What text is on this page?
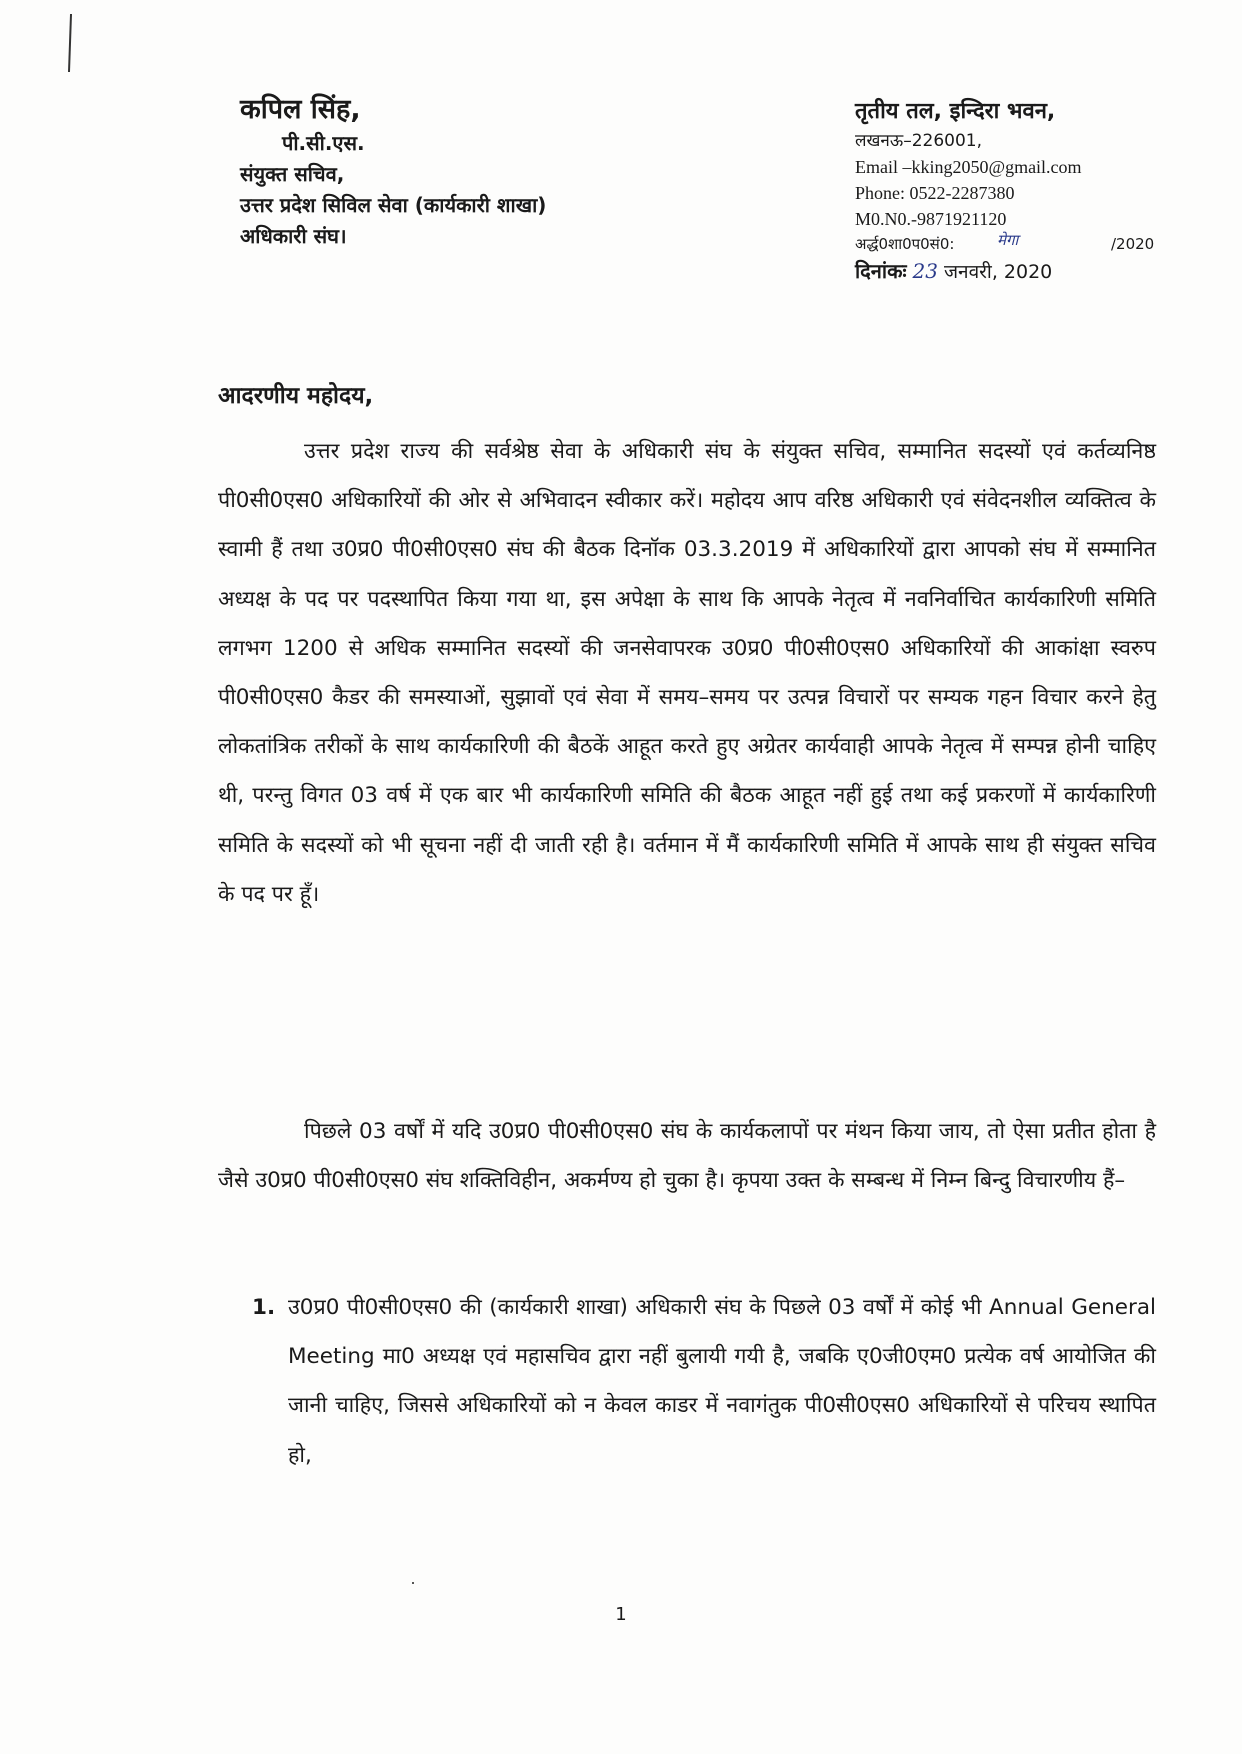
कपिल सिंह,

पी.सी.एस.

संयुक्त सचिव,

उत्तर प्रदेश सिविल सेवा (कार्यकारी शाखा)

अधिकारी संघ।

तृतीय तल, इन्दिरा भवन,

लखनऊ–226001,

Email –kking2050@gmail.com

Phone: 0522-2287380

M0.N0.-9871921120

अर्द्ध0शा0प0सं0:	मेगा	/2020

दिनांकः 23 जनवरी, 2020

आदरणीय महोदय,

उत्तर प्रदेश राज्य की सर्वश्रेष्ठ सेवा के अधिकारी संघ के संयुक्त सचिव, सम्मानित सदस्यों एवं कर्तव्यनिष्ठ पी0सी0एस0 अधिकारियों की ओर से अभिवादन स्वीकार करें। महोदय आप वरिष्ठ अधिकारी एवं संवेदनशील व्यक्तित्व के स्वामी हैं तथा उ0प्र0 पी0सी0एस0 संघ की बैठक दिनॉक 03.3.2019 में अधिकारियों द्वारा आपको संघ में सम्मानित अध्यक्ष के पद पर पदस्थापित किया गया था, इस अपेक्षा के साथ कि आपके नेतृत्व में नवनिर्वाचित कार्यकारिणी समिति लगभग 1200 से अधिक सम्मानित सदस्यों की जनसेवापरक उ0प्र0 पी0सी0एस0 अधिकारियों की आकांक्षा स्वरुप पी0सी0एस0 कैडर की समस्याओं, सुझावों एवं सेवा में समय–समय पर उत्पन्न विचारों पर सम्यक गहन विचार करने हेतु लोकतांत्रिक तरीकों के साथ कार्यकारिणी की बैठकें आहूत करते हुए अग्रेतर कार्यवाही आपके नेतृत्व में सम्पन्न होनी चाहिए थी, परन्तु विगत 03 वर्ष में एक बार भी कार्यकारिणी समिति की बैठक आहूत नहीं हुई तथा कई प्रकरणों में कार्यकारिणी समिति के सदस्यों को भी सूचना नहीं दी जाती रही है। वर्तमान में मैं कार्यकारिणी समिति में आपके साथ ही संयुक्त सचिव के पद पर हूँ।

पिछले 03 वर्षों में यदि उ0प्र0 पी0सी0एस0 संघ के कार्यकलापों पर मंथन किया जाय, तो ऐसा प्रतीत होता है जैसे उ0प्र0 पी0सी0एस0 संघ शक्तिविहीन, अकर्मण्य हो चुका है। कृपया उक्त के सम्बन्ध में निम्न बिन्दु विचारणीय हैं–

1. उ0प्र0 पी0सी0एस0 की (कार्यकारी शाखा) अधिकारी संघ के पिछले 03 वर्षों में कोई भी Annual General Meeting मा0 अध्यक्ष एवं महासचिव द्वारा नहीं बुलायी गयी है, जबकि ए0जी0एम0 प्रत्येक वर्ष आयोजित की जानी चाहिए, जिससे अधिकारियों को न केवल काडर में नवागंतुक पी0सी0एस0 अधिकारियों से परिचय स्थापित हो,
1
